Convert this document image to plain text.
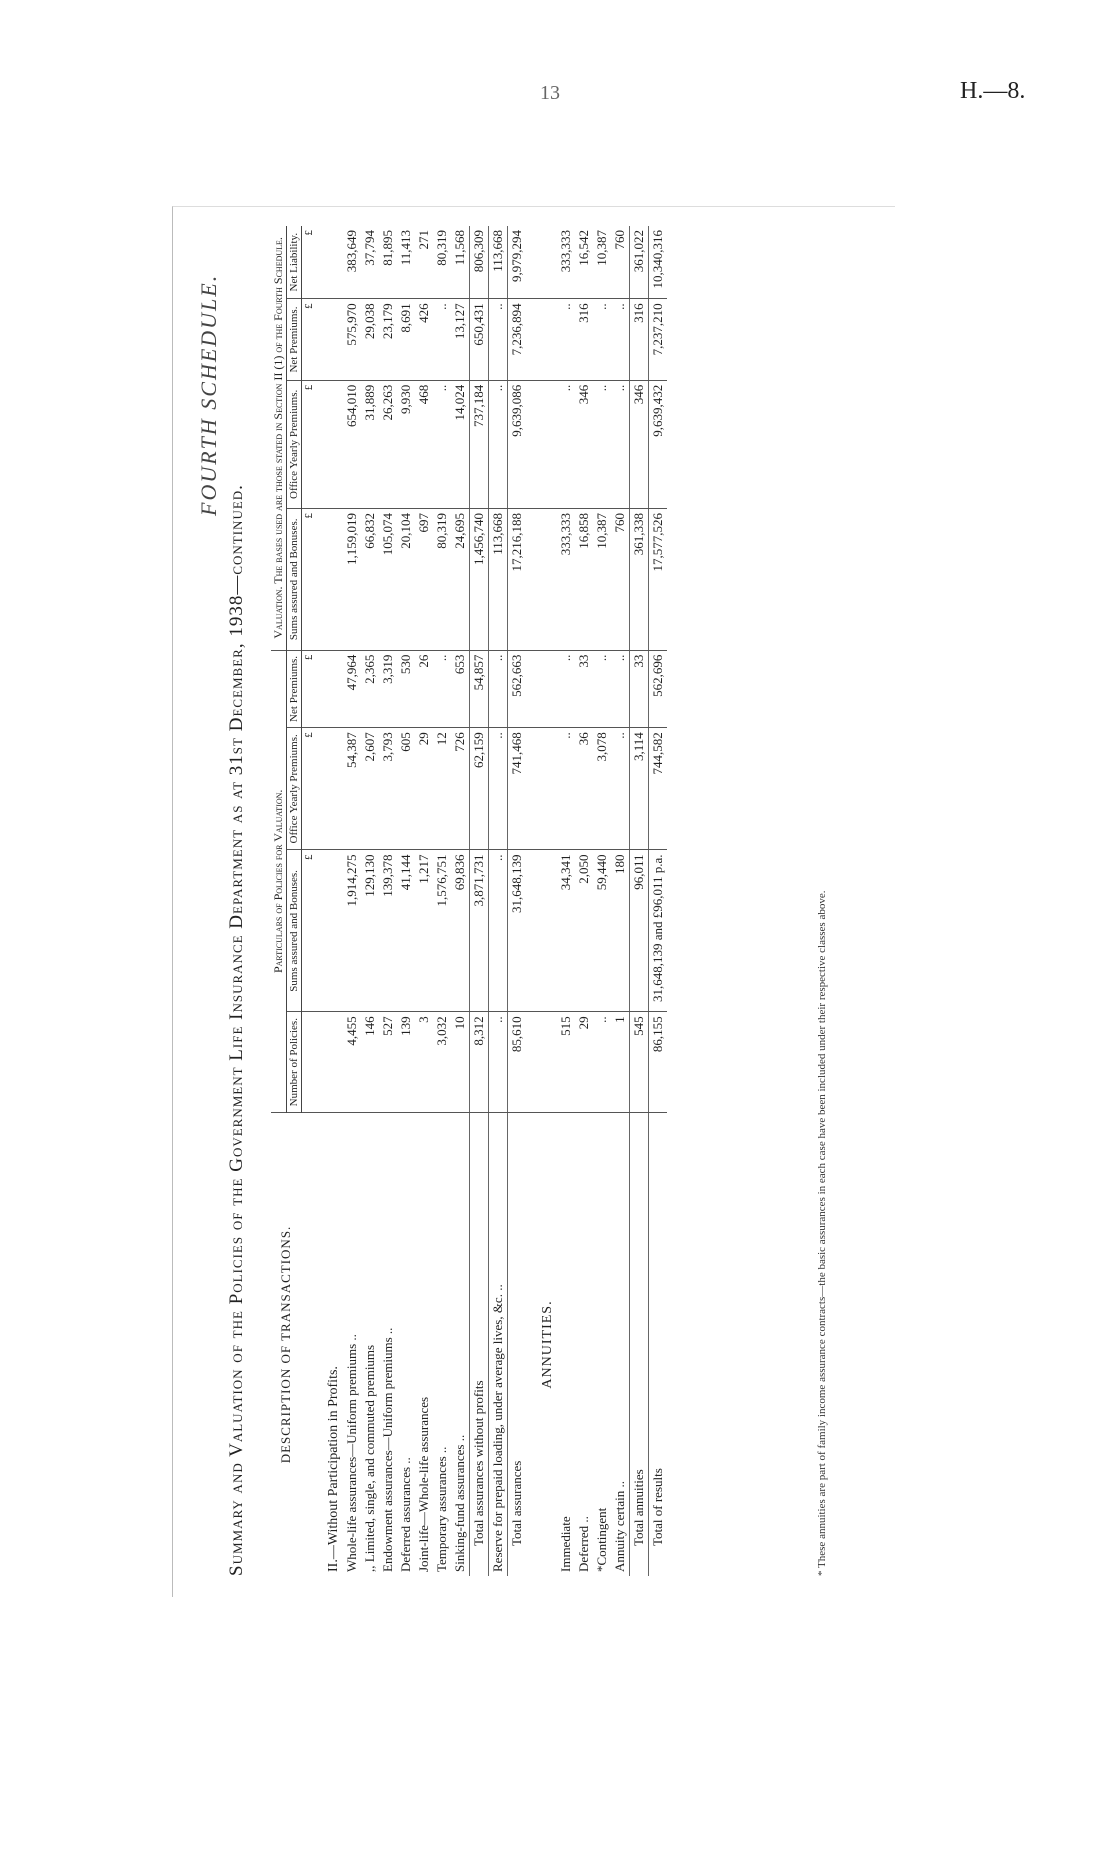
13	H.—8.
FOURTH SCHEDULE.
Summary and Valuation of the Policies of the Government Life Insurance Department as at 31st December, 1938—continued. DESCRIPTION OF TRANSACTIONS.	Particulars of Policies for Valuation.				Valuation. The bases used are those stated in Section II (1) of the Fourth Schedule.			
	Number of Policies.	Sums assured and Bonuses.	Office Yearly Premiums.	Net Premiums.	Sums assured and Bonuses.	Office Yearly Premiums.	Net Premiums.	Net Liability.
		£	£	£	£	£	£	£
II.—Without Participation in Profits.								
Whole-life assurances—Uniform premiums ..	4,455	1,914,275	54,387	47,964	1,159,019	654,010	575,970	383,649
,, Limited, single, and commuted premiums	146	129,130	2,607	2,365	66,832	31,889	29,038	37,794
Endowment assurances—Uniform premiums ..	527	139,378	3,793	3,319	105,074	26,263	23,179	81,895
Deferred assurances ..	139	41,144	605	530	20,104	9,930	8,691	11,413
Joint-life—Whole-life assurances	3	1,217	29	26	697	468	426	271
Temporary assurances ..	3,032	1,576,751	12	..	80,319	..	..	80,319
Sinking-fund assurances ..	10	69,836	726	653	24,695	14,024	13,127	11,568
Total assurances without profits	8,312	3,871,731	62,159	54,857	1,456,740	737,184	650,431	806,309
Reserve for prepaid loading, under average lives, &c. ..	..	..	..	..	113,668	..	..	113,668
Total assurances	85,610	31,648,139	741,468	562,663	17,216,188	9,639,086	7,236,894	9,979,294
ANNUITIES.								
Immediate	515	34,341	..	..	333,333	..	..	333,333
Deferred ..	29	2,050	36	33	16,858	346	316	16,542
*Contingent	..	59,440	3,078	..	10,387	..	..	10,387
Annuity certain ..	1	180	..	..	760	..	..	760
Total annuities	545	96,011	3,114	33	361,338	346	316	361,022
Total of results	86,155	31,648,139 and £96,011 p.a.	744,582	562,696	17,577,526	9,639,432	7,237,210	10,340,316
* These annuities are part of family income assurance contracts—the basic assurances in each case have been included under their respective classes above.
